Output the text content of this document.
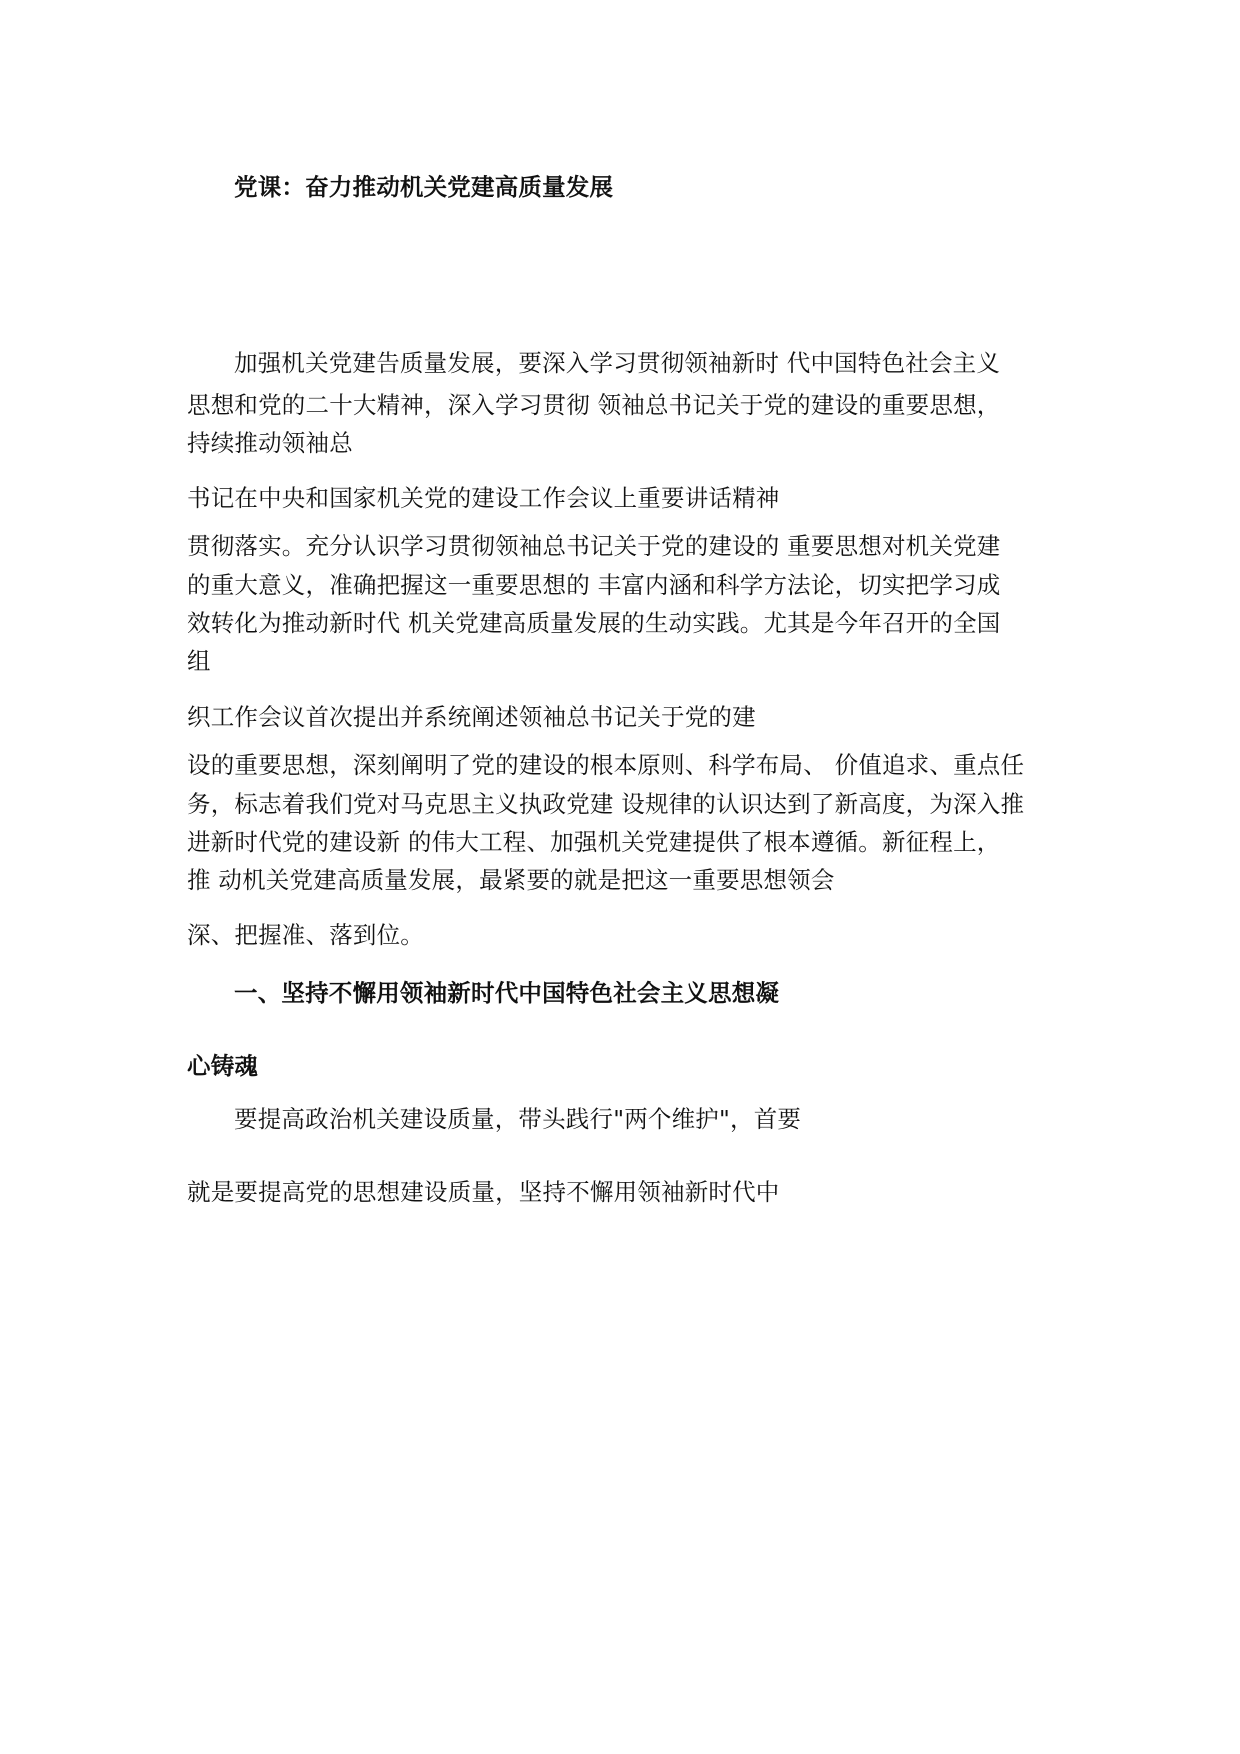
党课：奋力推动机关党建高质量发展
加强机关党建告质量发展，要深入学习贯彻领袖新时 代中国特色社会主义
思想和党的二十大精神，深入学习贯彻 领袖总书记关于党的建设的重要思想，
持续推动领袖总
书记在中央和国家机关党的建设工作会议上重要讲话精神
贯彻落实。充分认识学习贯彻领袖总书记关于党的建设的 重要思想对机关党建
的重大意义，准确把握这一重要思想的 丰富内涵和科学方法论，切实把学习成
效转化为推动新时代 机关党建高质量发展的生动实践。尤其是今年召开的全国
组
织工作会议首次提出并系统阐述领袖总书记关于党的建
设的重要思想，深刻阐明了党的建设的根本原则、科学布局、 价值追求、重点任
务，标志着我们党对马克思主义执政党建 设规律的认识达到了新高度，为深入推
进新时代党的建设新 的伟大工程、加强机关党建提供了根本遵循。新征程上，
推 动机关党建高质量发展，最紧要的就是把这一重要思想领会
深、把握准、落到位。
一、坚持不懈用领袖新时代中国特色社会主义思想凝
心铸魂
要提高政治机关建设质量，带头践行"两个维护"，首要
就是要提高党的思想建设质量，坚持不懈用领袖新时代中
